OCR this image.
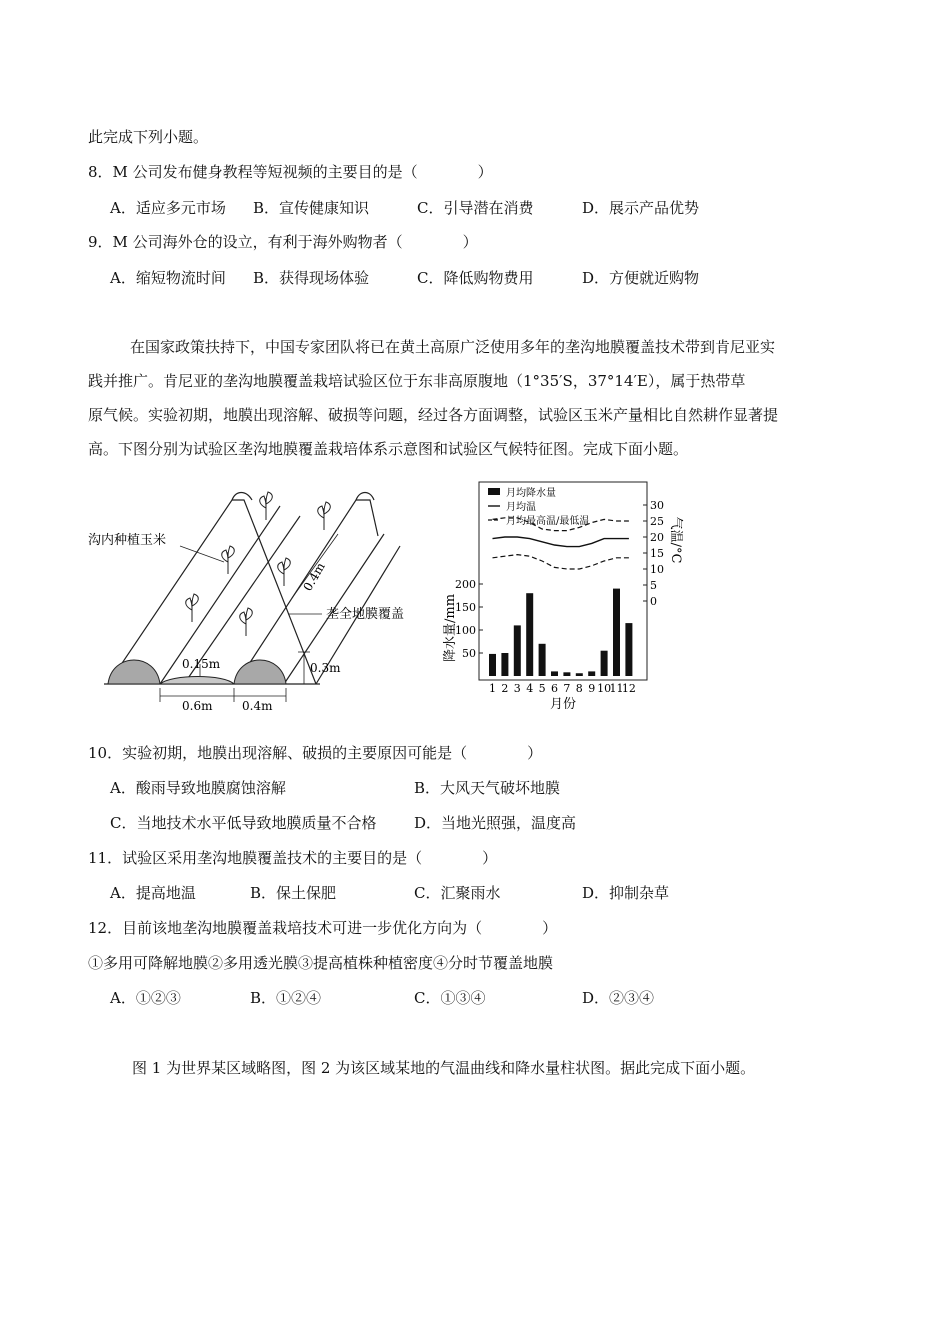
此完成下列小题。
8．M 公司发布健身教程等短视频的主要目的是（　　　　）
A．适应多元市场 B．宣传健康知识	C．引导潜在消费	D．展示产品优势
9．M 公司海外仓的设立，有利于海外购物者（　　　　）
A．缩短物流时间 B．获得现场体验	C．降低购物费用	D．方便就近购物

在国家政策扶持下，中国专家团队将已在黄土高原广泛使用多年的垄沟地膜覆盖技术带到肯尼亚实

践并推广。肯尼亚的垄沟地膜覆盖栽培试验区位于东非高原腹地（1°35′S，37°14′E），属于热带草

原气候。实验初期，地膜出现溶解、破损等问题，经过各方面调整，试验区玉米产量相比自然耕作显著提

高。下图分别为试验区垄沟地膜覆盖栽培体系示意图和试验区气候特征图。完成下面小题。

沟内种植玉米
垄全地膜覆盖
0.4m
0.15m
0.6m 0.4m
0.3m
月均降水量
月均温
月均最高温/最低温
50
100
150
200
0
5
10
15
20
25
30
1 2 3 4 5 6 7 8 9 10
11
12
降水量/mm
气温/°C
月份
10．实验初期，地膜出现溶解、破损的主要原因可能是（　　　　）
A．酸雨导致地膜腐蚀溶解	B．大风天气破坏地膜
C．当地技术水平低导致地膜质量不合格	D．当地光照强，温度高
11．试验区采用垄沟地膜覆盖技术的主要目的是（　　　　）
A．提高地温	B．保土保肥	C．汇聚雨水	D．抑制杂草
12．目前该地垄沟地膜覆盖栽培技术可进一步优化方向为（　　　　）
①多用可降解地膜②多用透光膜③提高植株种植密度④分时节覆盖地膜
A．①②③	B．①②④	C．①③④	D．②③④
图 1 为世界某区域略图，图 2 为该区域某地的气温曲线和降水量柱状图。据此完成下面小题。
